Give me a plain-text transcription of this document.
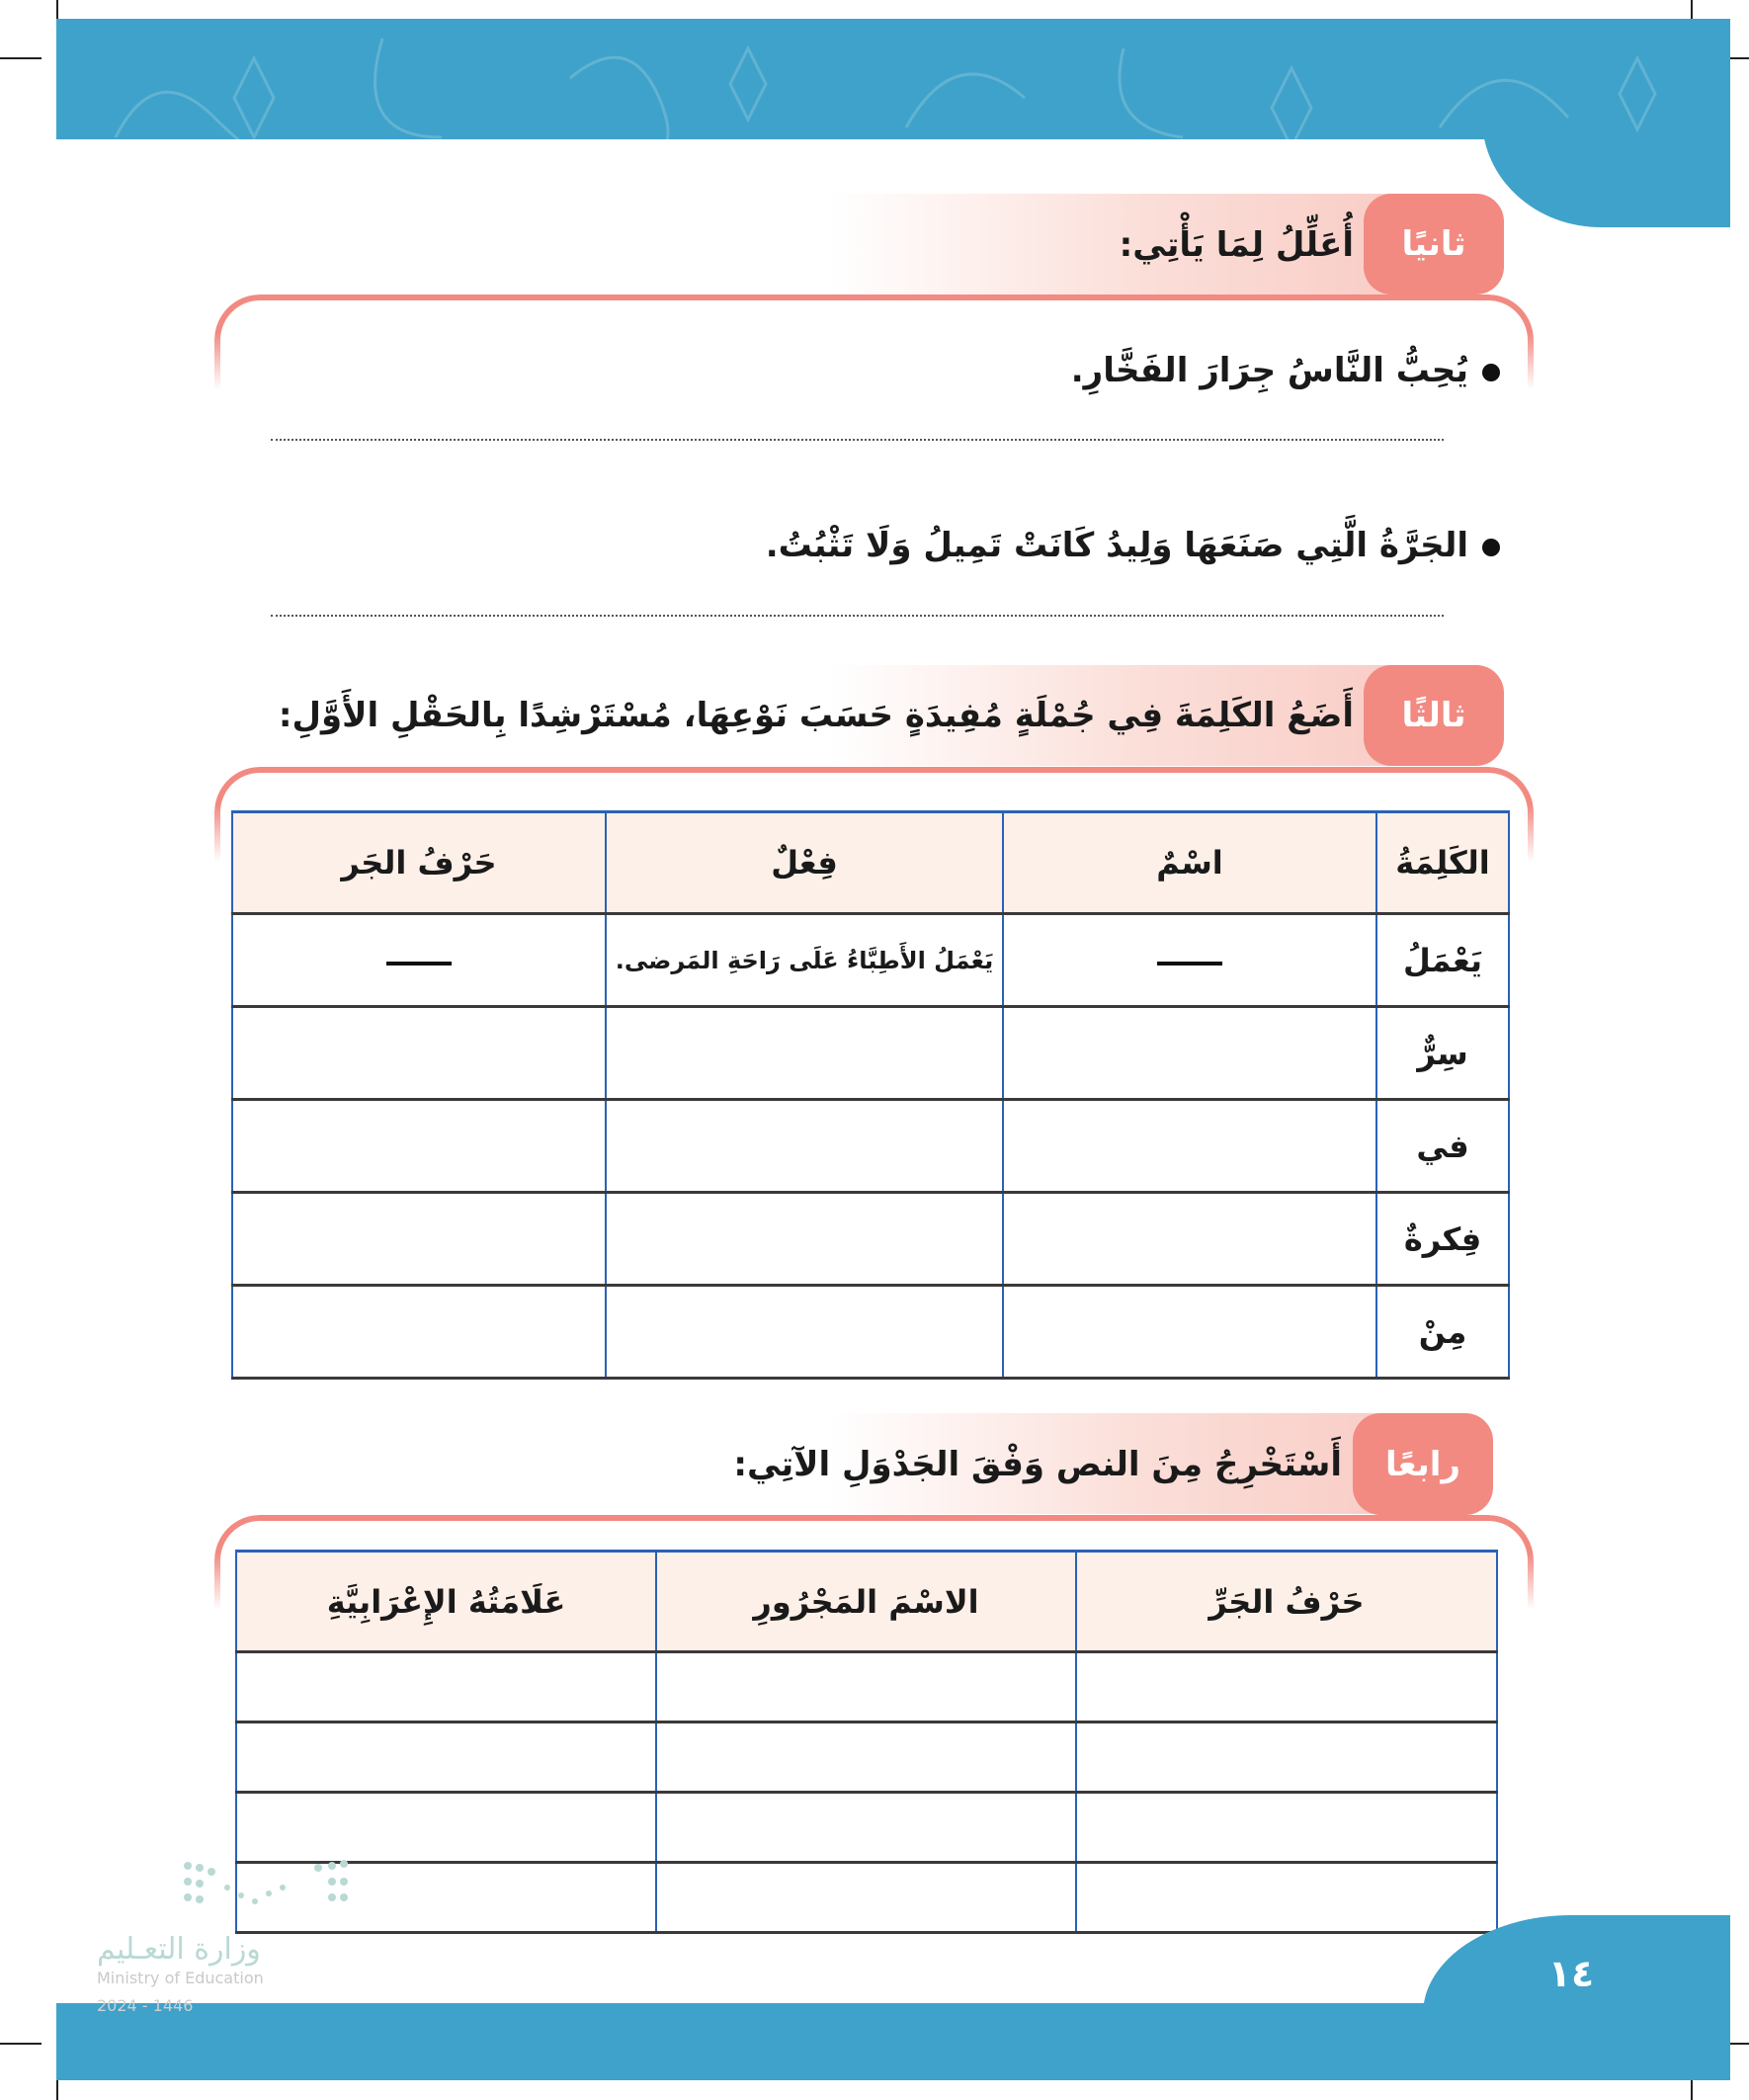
ثانيًا
أُعَلِّلُ لِمَا يَأْتِي:
يُحِبُّ النَّاسُ جِرَارَ الفَخَّارِ.
الجَرَّةُ الَّتِي صَنَعَهَا وَلِيدُ كَانَتْ تَمِيلُ وَلَا تَثْبُتُ.
ثالثًا
أَضَعُ الكَلِمَةَ فِي جُمْلَةٍ مُفِيدَةٍ حَسَبَ نَوْعِهَا، مُسْتَرْشِدًا بِالحَقْلِ الأَوَّلِ:
الكَلِمَةُ	اسْمٌ	فِعْلٌ	حَرْفُ الجَر
يَعْمَلُ		يَعْمَلُ الأَطِبَّاءُ عَلَى رَاحَةِ المَرضى.	
سِرٌّ			
في			
فِكرةٌ			
مِنْ			
رابعًا
أَسْتَخْرِجُ مِنَ النص وَفْقَ الجَدْوَلِ الآتِي:
حَرْفُ الجَرِّ	الاسْمَ المَجْرُورِ	عَلَامَتُهُ الإِعْرَابِيَّةِ

وزارة التعـليم
Ministry of Education
2024 - 1446
١٤
